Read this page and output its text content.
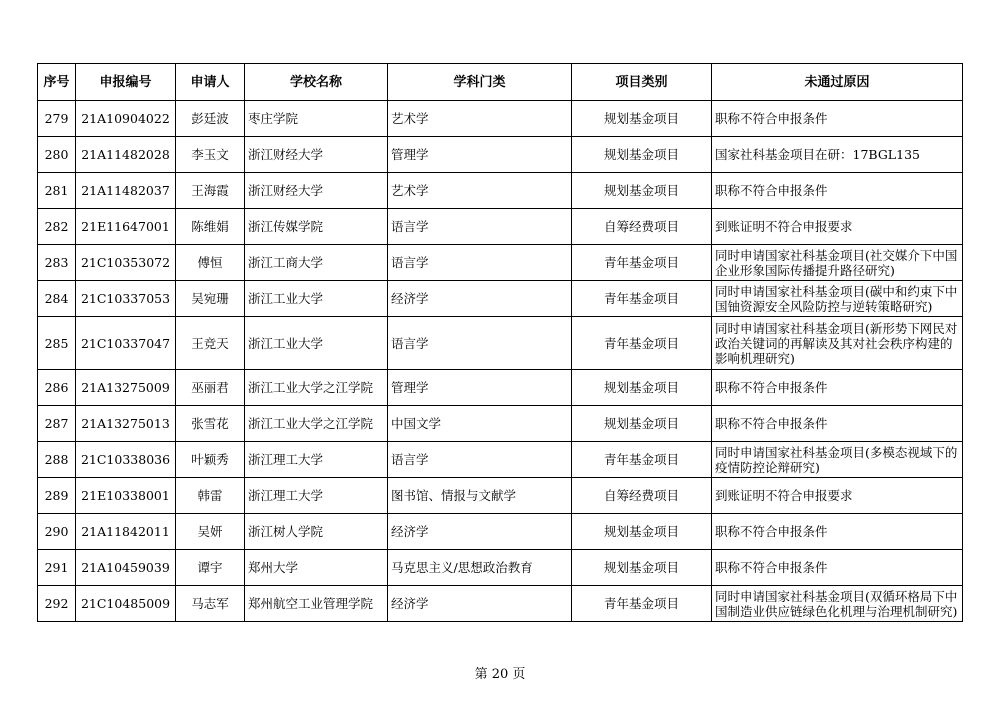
序号	申报编号	申请人	学校名称	学科门类	项目类别	未通过原因
279	21A10904022	彭廷波	枣庄学院	艺术学	规划基金项目	职称不符合申报条件
280	21A11482028	李玉文	浙江财经大学	管理学	规划基金项目	国家社科基金项目在研：17BGL135
281	21A11482037	王海霞	浙江财经大学	艺术学	规划基金项目	职称不符合申报条件
282	21E11647001	陈维娟	浙江传媒学院	语言学	自筹经费项目	到账证明不符合申报要求
283	21C10353072	傅恒	浙江工商大学	语言学	青年基金项目	同时申请国家社科基金项目(社交媒介下中国企业形象国际传播提升路径研究)
284	21C10337053	吴宛珊	浙江工业大学	经济学	青年基金项目	同时申请国家社科基金项目(碳中和约束下中国铀资源安全风险防控与逆转策略研究)
285	21C10337047	王竞天	浙江工业大学	语言学	青年基金项目	同时申请国家社科基金项目(新形势下网民对政治关键词的再解读及其对社会秩序构建的影响机理研究)
286	21A13275009	巫丽君	浙江工业大学之江学院	管理学	规划基金项目	职称不符合申报条件
287	21A13275013	张雪花	浙江工业大学之江学院	中国文学	规划基金项目	职称不符合申报条件
288	21C10338036	叶颖秀	浙江理工大学	语言学	青年基金项目	同时申请国家社科基金项目(多模态视域下的疫情防控论辩研究)
289	21E10338001	韩雷	浙江理工大学	图书馆、情报与文献学	自筹经费项目	到账证明不符合申报要求
290	21A11842011	吴妍	浙江树人学院	经济学	规划基金项目	职称不符合申报条件
291	21A10459039	谭宇	郑州大学	马克思主义/思想政治教育	规划基金项目	职称不符合申报条件
292	21C10485009	马志军	郑州航空工业管理学院	经济学	青年基金项目	同时申请国家社科基金项目(双循环格局下中国制造业供应链绿色化机理与治理机制研究)
第 20 页
